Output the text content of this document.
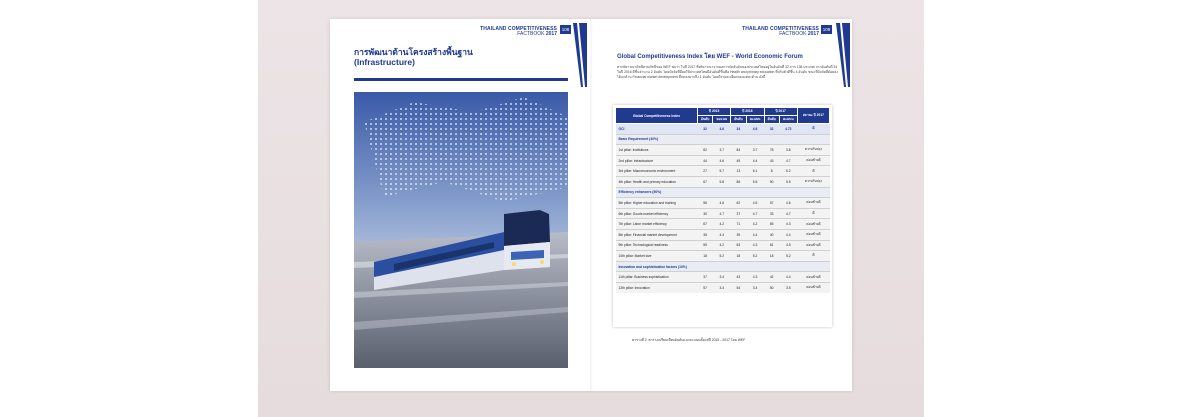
THAILAND COMPETITIVENESS
FACTBOOK 2017
108
การพัฒนาด้านโครงสร้างพื้นฐาน
(Infrastructure)
THAILAND COMPETITIVENESS
FACTBOOK 2017
109
Global Competitiveness Index โดย WEF - World Economic Forum
หากพิจารณาดัชนีตามดัชนีของ WEF พบว่า ในปี 2017 ซึ่งพิจารณาจากผลการจัดอันดับของประเทศไทยอยู่ในอันดับที่ 32 จาก 138 ประเทศ จากอันดับที่ 34 ในปี 2016 ดีขึ้นจำนวน 2 อันดับ โดยปัจจัยที่มีผลให้ประเทศไทยมีอันดับดีขึ้นคือ Health and primary education ที่ปรับตัวดีขึ้น 4 อันดับ ขณะที่ปัจจัยที่ด้อยลงได้แก่ด้าน Financial market development ที่ลดลงมากถึง 1 อันดับ โดยมีรายละเอียดของแต่ละด้าน ดังนี้
Global Competitiveness Index	ปี 2015		ปี 2016		ปี 2017		สถานะ ปี 2017
	อันดับ	คะแนน	อันดับ	คะแนน	อันดับ	คะแนน	
GCI	32	4.6	34	4.6	32	4.72	ดี
Basic Requirement (40%)							
1st pillar: Institutions	82	3.7	84	3.7	78	3.8	ควรปรับปรุง
2nd pillar: Infrastructure	44	4.6	49	4.4	43	4.7	ค่อนข้างดี
3rd pillar: Macroeconomic environment	27	5.7	13	6.1	8	6.2	ดี
4th pillar: Health and primary education	67	5.8	86	5.5	90	5.5	ควรปรับปรุง
Efficiency enhancers (50%)							
5th pillar: Higher education and training	56	4.6	62	4.5	57	4.6	ค่อนข้างดี
6th pillar: Goods market efficiency	30	4.7	37	4.7	33	4.7	ดี
7th pillar: Labor market efficiency	67	4.2	71	4.2	65	4.3	ค่อนข้างดี
8th pillar: Financial market development	35	4.4	39	4.4	40	4.4	ค่อนข้างดี
9th pillar: Technological readiness	59	4.2	63	4.3	61	4.5	ค่อนข้างดี
10th pillar: Market size	18	5.2	18	5.2	18	5.2	ดี
Innovation and sophistication factors (10%)							
11th pillar: Business sophistication	37	3.4	43	4.3	42	4.4	ค่อนข้างดี
12th pillar: Innovation	57	3.4	54	3.4	50	3.5	ค่อนข้างดี
ตารางที่ 2: ตารางเปรียบเทียบอันดับและคะแนนตั้งแต่ปี 2015 - 2017 โดย WEF
